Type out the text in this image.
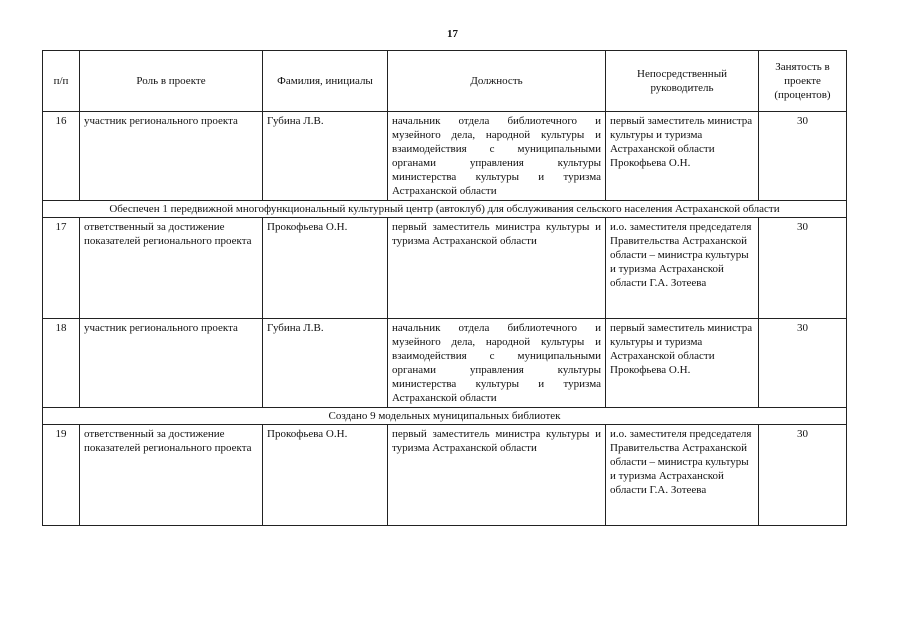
17
п/п	Роль в проекте	Фамилия, инициалы	Должность	Непосредственный руководитель	Занятость в проекте (процентов)
16	участник регионального проекта	Губина Л.В.	начальник отдела библиотечного и музейного дела, народной культуры и взаимодействия с муниципальными органами управления культуры министерства культуры и туризма Астраханской области	первый заместитель министра культуры и туризма Астраханской области Прокофьева О.Н.	30
Обеспечен 1 передвижной многофункциональный культурный центр (автоклуб) для обслуживания сельского населения Астраханской области					
17	ответственный за достижение показателей регионального проекта	Прокофьева О.Н.	первый заместитель министра культуры и туризма Астраханской области	и.о. заместителя председателя Правительства Астраханской области – министра культуры и туризма Астраханской области Г.А. Зотеева	30
18	участник регионального проекта	Губина Л.В.	начальник отдела библиотечного и музейного дела, народной культуры и взаимодействия с муниципальными органами управления культуры министерства культуры и туризма Астраханской области	первый заместитель министра культуры и туризма Астраханской области Прокофьева О.Н.	30
Создано 9 модельных муниципальных библиотек					
19	ответственный за достижение показателей регионального проекта	Прокофьева О.Н.	первый заместитель министра культуры и туризма Астраханской области	и.о. заместителя председателя Правительства Астраханской области – министра культуры и туризма Астраханской области Г.А. Зотеева	30
